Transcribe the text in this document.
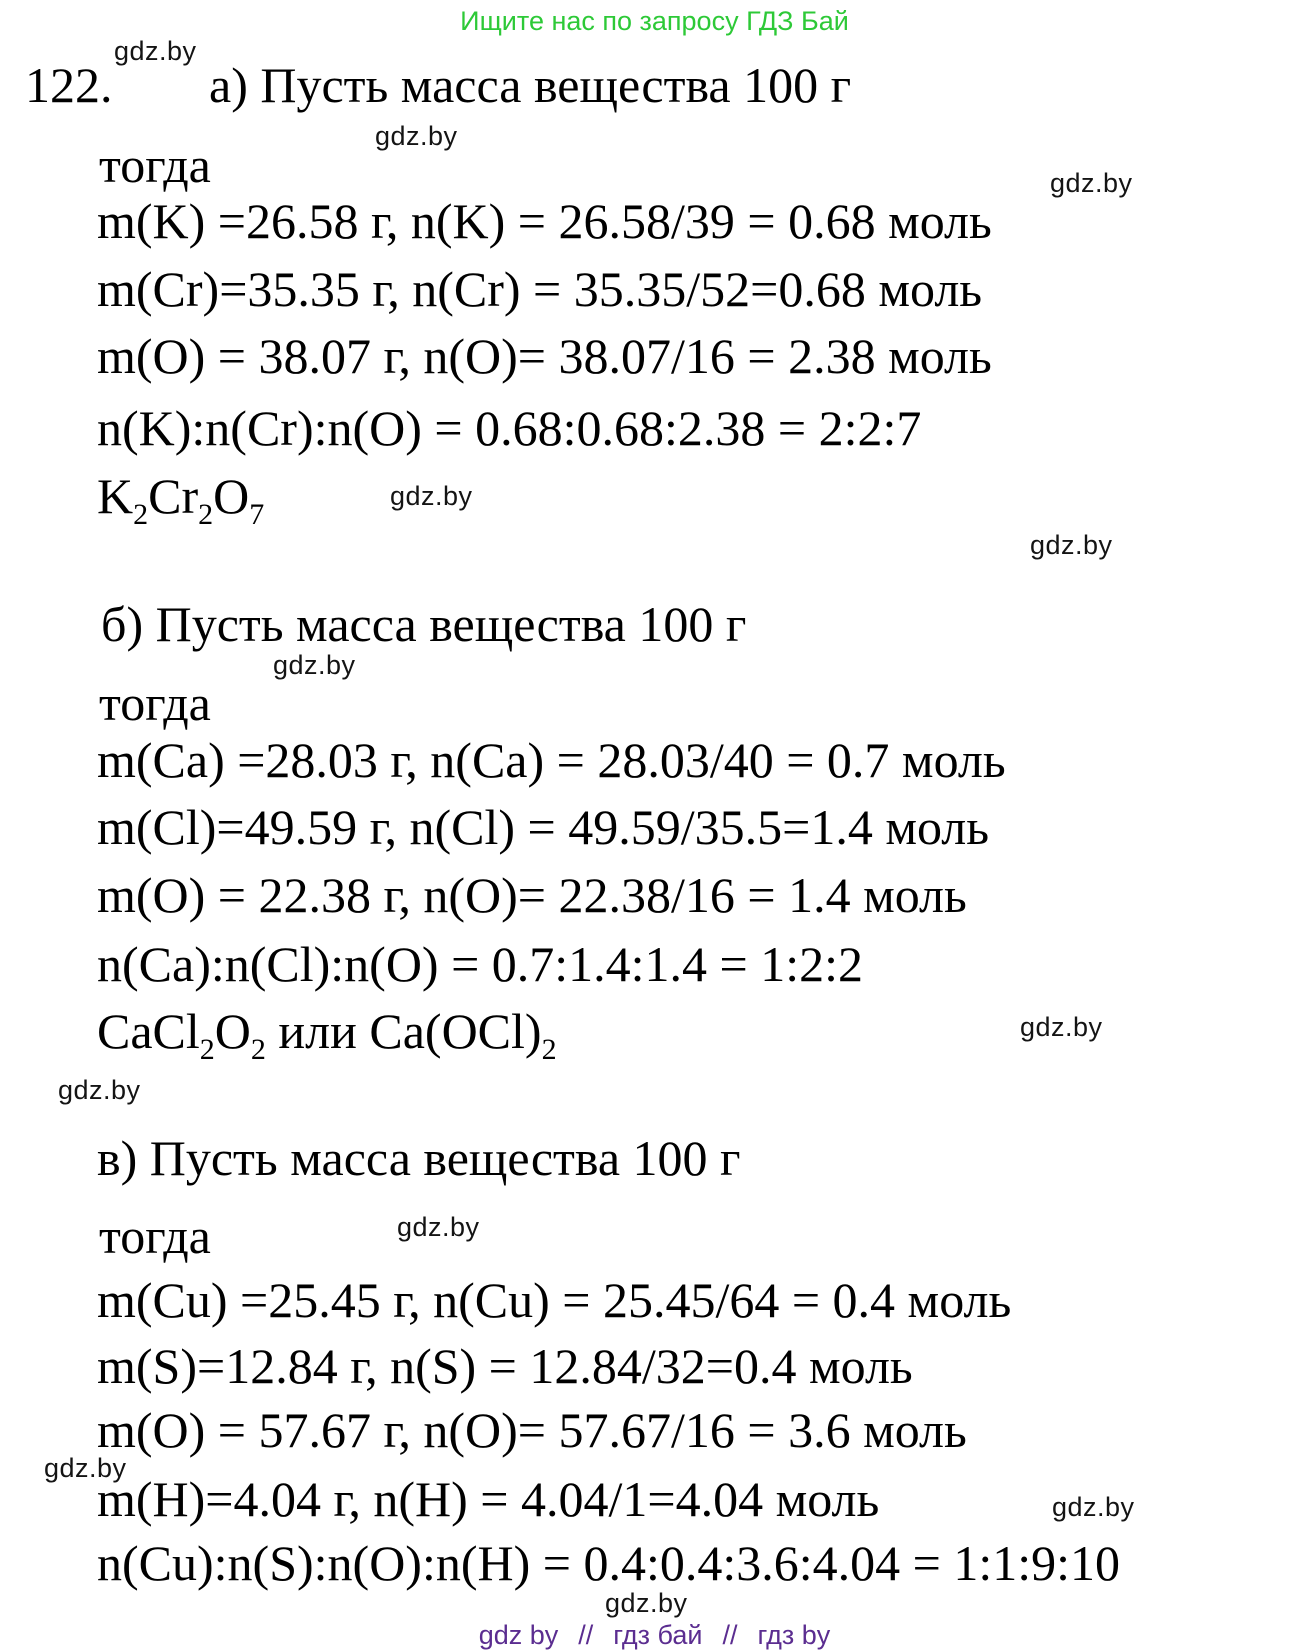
Ищите нас по запросу ГДЗ Бай
gdz.by
122. а) Пусть масса вещества 100 г
gdz.by
тогда	gdz.by
m(K) =26.58 г, n(K) = 26.58/39 = 0.68 моль
m(Cr)=35.35 г, n(Cr) = 35.35/52=0.68 моль
m(O) = 38.07 г, n(O)= 38.07/16 = 2.38 моль
n(K):n(Cr):n(O) = 0.68:0.68:2.38 = 2:2:7
$K_2Cr_2O_7$
gdz.by
gdz.by
б) Пусть масса вещества 100 г
gdz.by
тогда
m(Ca) =28.03 г, n(Ca) = 28.03/40 = 0.7 моль
m(Cl)=49.59 г, n(Cl) = 49.59/35.5=1.4 моль
m(O) = 22.38 г, n(O)= 22.38/16 = 1.4 моль
n(Ca):n(Cl):n(O) = 0.7:1.4:1.4 = 1:2:2
$CaCl_2O_2$ или $Ca(OCl)_2$
gdz.by
gdz.by
в) Пусть масса вещества 100 г
тогда	gdz.by
m(Cu) =25.45 г, n(Cu) = 25.45/64 = 0.4 моль
m(S)=12.84 г, n(S) = 12.84/32=0.4 моль
m(O) = 57.67 г, n(O)= 57.67/16 = 3.6 моль
gdz.by
m(H)=4.04 г, n(H) = 4.04/1=4.04 моль	gdz.by
n(Cu):n(S):n(O):n(H) = 0.4:0.4:3.6:4.04 = 1:1:9:10
gdz.by
gdz by // гдз бай // гдз by
